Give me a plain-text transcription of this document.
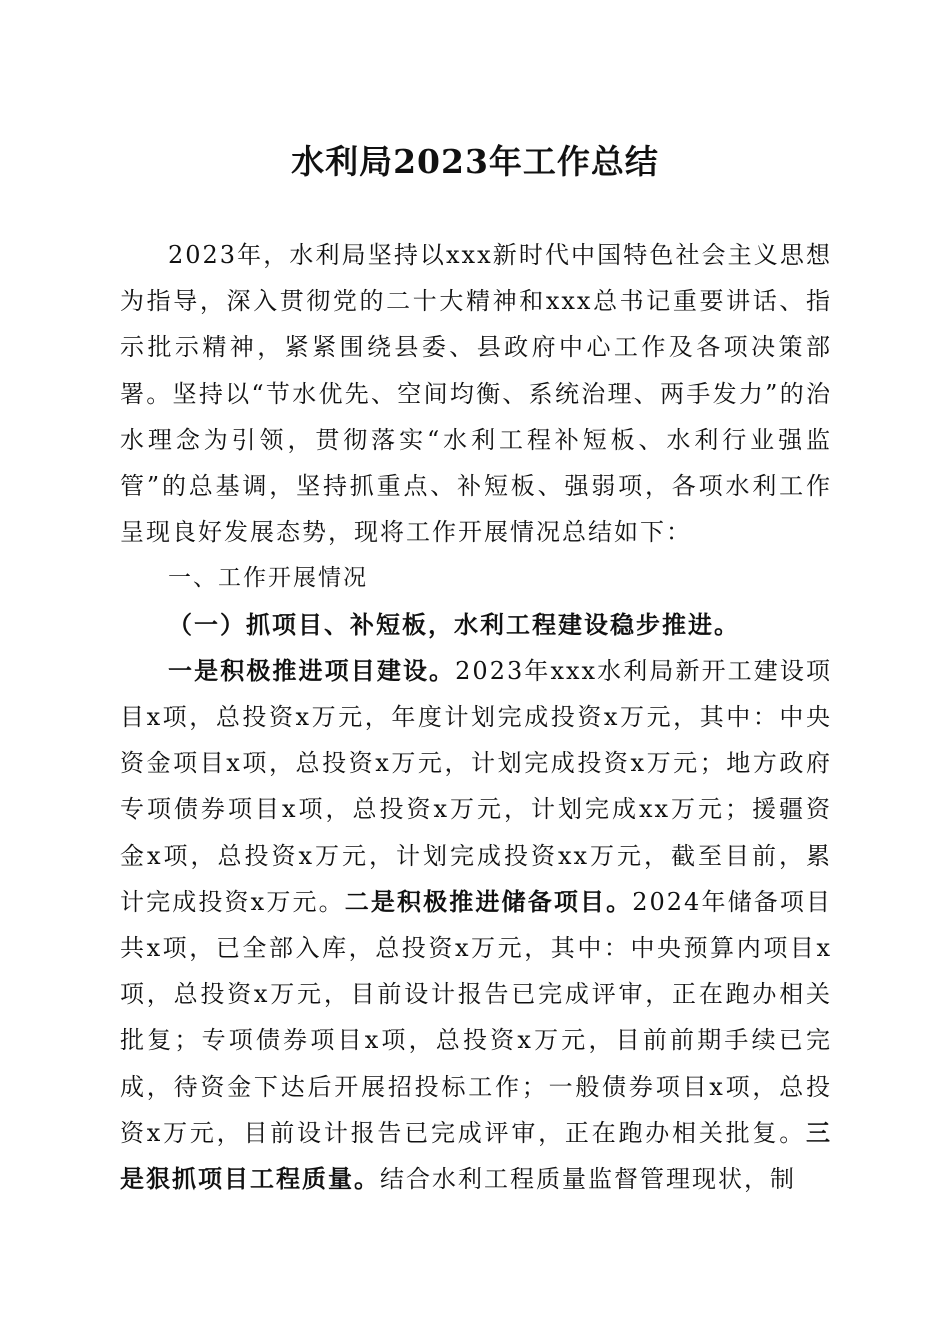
水利局2023年工作总结

2023年，水利局坚持以xxx新时代中国特色社会主义思想为指导，深入贯彻党的二十大精神和xxx总书记重要讲话、指示批示精神，紧紧围绕县委、县政府中心工作及各项决策部署。坚持以“节水优先、空间均衡、系统治理、两手发力”的治水理念为引领，贯彻落实“水利工程补短板、水利行业强监管”的总基调，坚持抓重点、补短板、强弱项，各项水利工作呈现良好发展态势，现将工作开展情况总结如下：

一、工作开展情况

（一）抓项目、补短板，水利工程建设稳步推进。

一是积极推进项目建设。2023年xxx水利局新开工建设项目x项，总投资x万元，年度计划完成投资x万元，其中：中央资金项目x项，总投资x万元，计划完成投资x万元；地方政府专项债券项目x项，总投资x万元，计划完成xx万元；援疆资金x项，总投资x万元，计划完成投资xx万元，截至目前，累计完成投资x万元。二是积极推进储备项目。2024年储备项目共x项，已全部入库，总投资x万元，其中：中央预算内项目x项，总投资x万元，目前设计报告已完成评审，正在跑办相关批复；专项债券项目x项，总投资x万元，目前前期手续已完成，待资金下达后开展招投标工作；一般债券项目x项，总投资x万元，目前设计报告已完成评审，正在跑办相关批复。三是狠抓项目工程质量。结合水利工程质量监督管理现状，制
